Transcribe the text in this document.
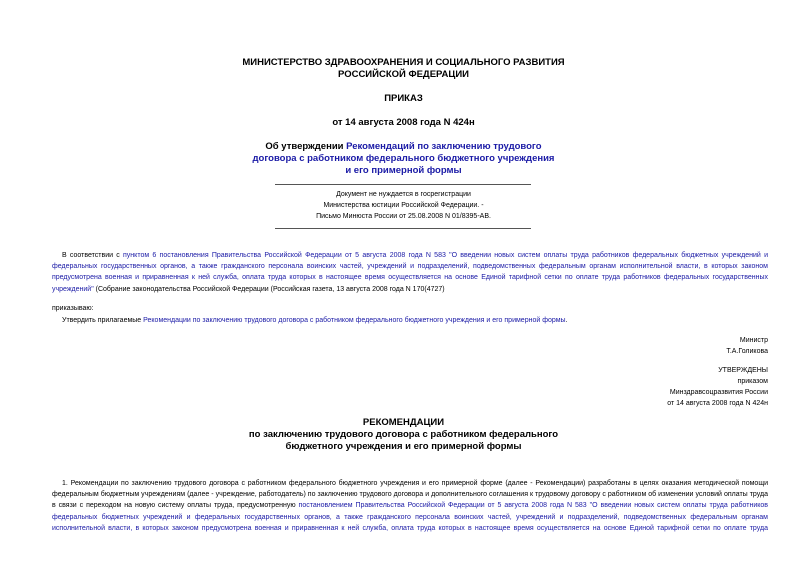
МИНИСТЕРСТВО ЗДРАВООХРАНЕНИЯ И СОЦИАЛЬНОГО РАЗВИТИЯ
РОССИЙСКОЙ ФЕДЕРАЦИИ
ПРИКАЗ
от 14 августа 2008 года N 424н
Об утверждении Рекомендаций по заключению трудового
договора с работником федерального бюджетного учреждения
и его примерной формы
Документ не нуждается в госрегистрации
Министерства юстиции Российской Федерации. -
Письмо Минюста России от 25.08.2008 N 01/8395-АВ.
В соответствии с пунктом 6 постановления Правительства Российской Федерации от 5 августа 2008 года N 583 "О введении новых систем оплаты труда работников федеральных бюджетных учреждений и федеральных государственных органов, а также гражданского персонала воинских частей, учреждений и подразделений, подведомственных федеральным органам исполнительной власти, в которых законом предусмотрена военная и приравненная к ней служба, оплата труда которых в настоящее время осуществляется на основе Единой тарифной сетки по оплате труда работников федеральных государственных учреждений" (Собрание законодательства Российской Федерации (Российская газета, 13 августа 2008 года N 170(4727)
приказываю:
Утвердить прилагаемые Рекомендации по заключению трудового договора с работником федерального бюджетного учреждения и его примерной формы.
Министр
Т.А.Голикова
УТВЕРЖДЕНЫ
приказом
Минздравсоцразвития России
от 14 августа 2008 года N 424н
РЕКОМЕНДАЦИИ
по заключению трудового договора с работником федерального
бюджетного учреждения и его примерной формы
1. Рекомендации по заключению трудового договора с работником федерального бюджетного учреждения и его примерной форме (далее - Рекомендации) разработаны в целях оказания методической помощи федеральным бюджетным учреждениям (далее - учреждение, работодатель) по заключению трудового договора и дополнительного соглашения к трудовому договору с работником об изменении условий оплаты труда в связи с переходом на новую систему оплаты труда, предусмотренную постановлением Правительства Российской Федерации от 5 августа 2008 года N 583 "О введении новых систем оплаты труда работников федеральных бюджетных учреждений и федеральных государственных органов, а также гражданского персонала воинских частей, учреждений и подразделений, подведомственных федеральным органам исполнительной власти, в которых законом предусмотрена военная и приравненная к ней служба, оплата труда которых в настоящее время осуществляется на основе Единой тарифной сетки по оплате труда
